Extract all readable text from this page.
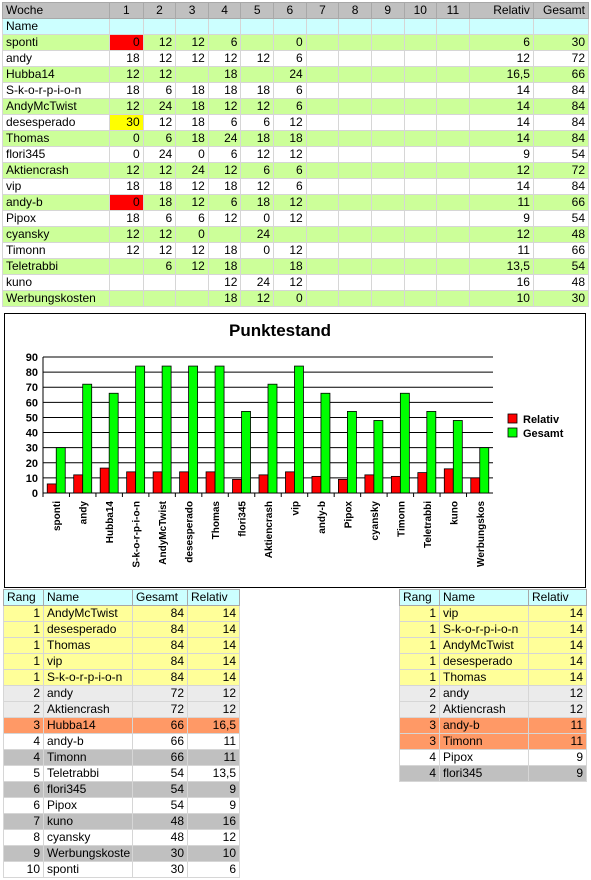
Woche	1	2	3	4	5	6	7	8	9	10	11	Relativ	Gesamt
Name													
sponti	0	12	12	6		0						6	30
andy	18	12	12	12	12	6						12	72
Hubba14	12	12		18		24						16,5	66
S-k-o-r-p-i-o-n	18	6	18	18	18	6						14	84
AndyMcTwist	12	24	18	12	12	6						14	84
desesperado	30	12	18	6	6	12						14	84
Thomas	0	6	18	24	18	18						14	84
flori345	0	24	0	6	12	12						9	54
Aktiencrash	12	12	24	12	6	6						12	72
vip	18	18	12	18	12	6						14	84
andy-b	0	18	12	6	18	12						11	66
Pipox	18	6	6	12	0	12						9	54
cyansky	12	12	0		24							12	48
Timonn	12	12	12	18	0	12						11	66
Teletrabbi		6	12	18		18						13,5	54
kuno				12	24	12						16	48
Werbungskosten				18	12	0						10	30
Punktestand
0
10
20
30
40
50
60
70
80
90
sponti andy Hubba14 S-k-o-r-p-i-o-n AndyMcTwist desesperado Thomas flori345 Aktiencrash vip andy-b Pipox cyansky Timonn Teletrabbi kuno Werbungskos
Relativ
Gesamt
Rang	Name	Gesamt	Relativ
1	AndyMcTwist	84	14
1	desesperado	84	14
1	Thomas	84	14
1	vip	84	14
1	S-k-o-r-p-i-o-n	84	14
2	andy	72	12
2	Aktiencrash	72	12
3	Hubba14	66	16,5
4	andy-b	66	11
4	Timonn	66	11
5	Teletrabbi	54	13,5
6	flori345	54	9
6	Pipox	54	9
7	kuno	48	16
8	cyansky	48	12
9	Werbungskoste	30	10
10	sponti	30	6
Rang	Name	Relativ
1	vip	14
1	S-k-o-r-p-i-o-n	14
1	AndyMcTwist	14
1	desesperado	14
1	Thomas	14
2	andy	12
2	Aktiencrash	12
3	andy-b	11
3	Timonn	11
4	Pipox	9
4	flori345	9
